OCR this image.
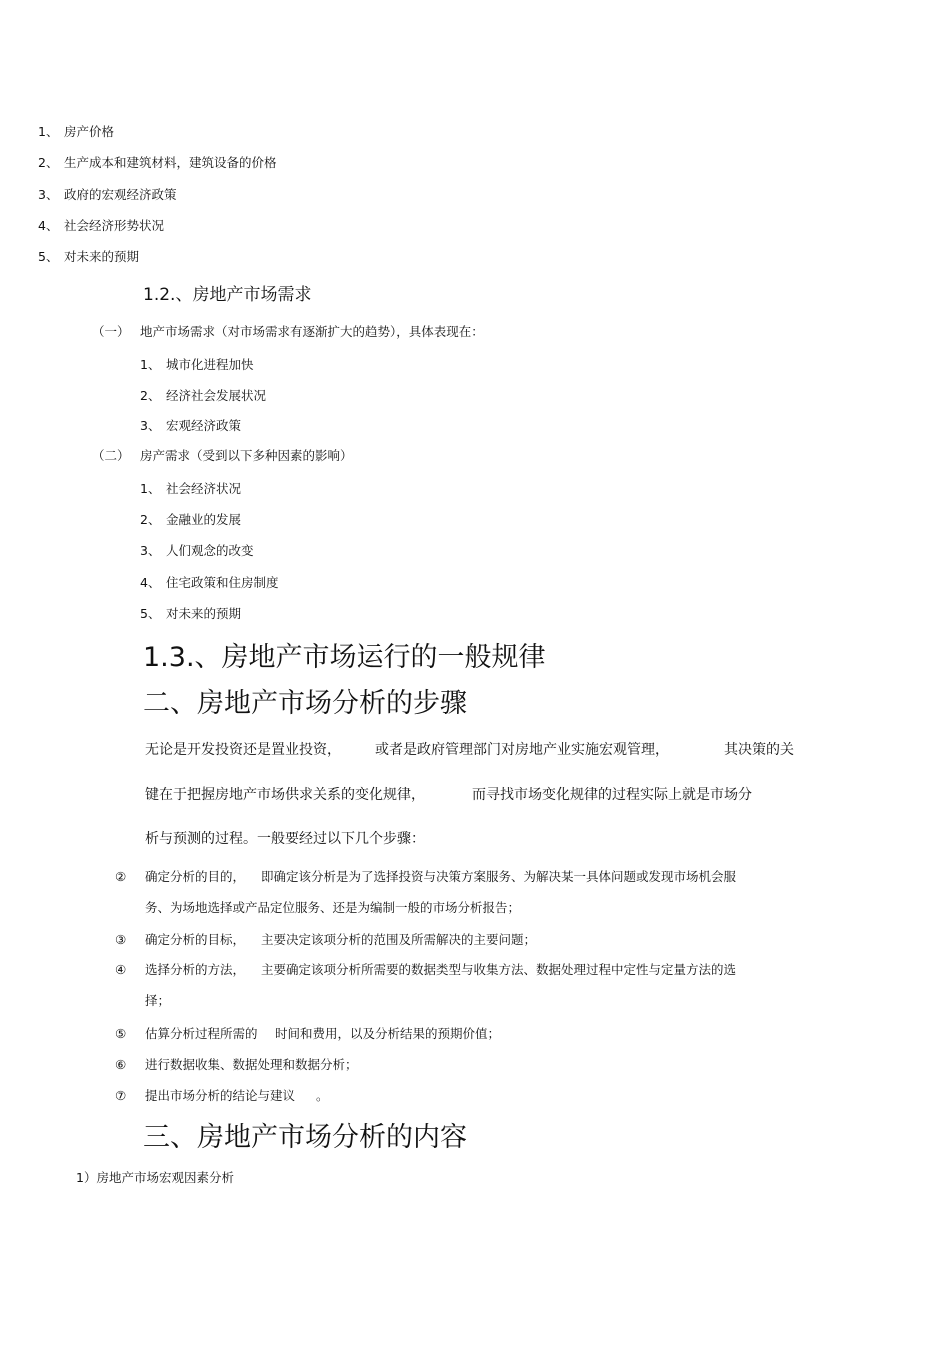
1、 房产价格
2、 生产成本和建筑材料，建筑设备的价格
3、 政府的宏观经济政策
4、 社会经济形势状况
5、 对未来的预期
1.2.、房地产市场需求
（一） 地产市场需求（对市场需求有逐渐扩大的趋势），具体表现在：
1、 城市化进程加快
2、 经济社会发展状况
3、 宏观经济政策
（二） 房产需求（受到以下多种因素的影响）
1、 社会经济状况
2、 金融业的发展
3、 人们观念的改变
4、 住宅政策和住房制度
5、 对未来的预期
1.3.、房地产市场运行的一般规律
二、房地产市场分析的步骤
无论是开发投资还是置业投资， 或者是政府管理部门对房地产业实施宏观管理，	其决策的关
键在于把握房地产市场供求关系的变化规律，	而寻找市场变化规律的过程实际上就是市场分
析与预测的过程。一般要经过以下几个步骤：
② 确定分析的目的， 即确定该分析是为了选择投资与决策方案服务、为解决某一具体问题或发现市场机会服
务、为场地选择或产品定位服务、还是为编制一般的市场分析报告；
③ 确定分析的目标， 主要决定该项分析的范围及所需解决的主要问题；
④ 选择分析的方法， 主要确定该项分析所需要的数据类型与收集方法、数据处理过程中定性与定量方法的选
择；
⑤ 估算分析过程所需的 时间和费用，以及分析结果的预期价值；
⑥ 进行数据收集、数据处理和数据分析；
⑦ 提出市场分析的结论与建议 。
三、房地产市场分析的内容
1）房地产市场宏观因素分析
